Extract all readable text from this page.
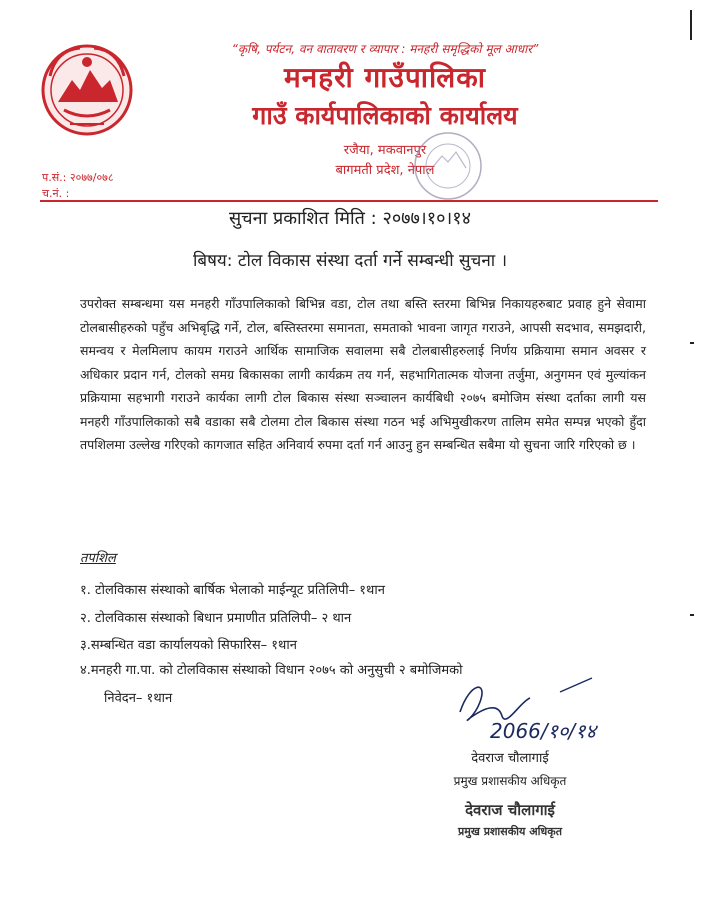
“कृषि, पर्यटन, वन वातावरण र व्यापार : मनहरी समृद्धिको मूल आधार”
मनहरी गाउँपालिका
गाउँ कार्यपालिकाको कार्यालय
रजैया, मकवानपुर
बागमती प्रदेश, नेपाल
प.सं.: २०७७/०७८
च.नं. :
सुचना प्रकाशित मिति : २०७७।१०।१४
बिषय: टोल विकास संस्था दर्ता गर्ने सम्बन्धी सुचना ।
उपरोक्त सम्बन्धमा यस मनहरी गाँउपालिकाको बिभिन्न वडा, टोल तथा बस्ति स्तरमा बिभिन्न निकायहरुबाट प्रवाह हुने सेवामा टोलबासीहरुको पहुँच अभिबृद्धि गर्ने, टोल, बस्तिस्तरमा समानता, समताको भावना जागृत गराउने, आपसी सदभाव, समझदारी, समन्वय र मेलमिलाप कायम गराउने आर्थिक सामाजिक सवालमा सबै टोलबासीहरुलाई निर्णय प्रक्रियामा समान अवसर र अधिकार प्रदान गर्न, टोलको समग्र बिकासका लागी कार्यक्रम तय गर्न, सहभागितात्मक योजना तर्जुमा, अनुगमन एवं मुल्यांकन प्रक्रियामा सहभागी गराउने कार्यका लागी टोल बिकास संस्था सञ्चालन कार्यबिधी २०७५ बमोजिम संस्था दर्ताका लागी यस मनहरी गाँउपालिकाको सबै वडाका सबै टोलमा टोल बिकास संस्था गठन भई अभिमुखीकरण तालिम समेत सम्पन्न भएको हुँदा तपशिलमा उल्लेख गरिएको कागजात सहित अनिवार्य रुपमा दर्ता गर्न आउनु हुन सम्बन्धित सबैमा यो सुचना जारि गरिएको छ ।
तपशिल
१. टोलविकास संस्थाको बार्षिक भेलाको माईन्यूट प्रतिलिपी– १थान
२. टोलविकास संस्थाको बिधान प्रमाणीत प्रतिलिपी– २ थान
३.सम्बन्धित वडा कार्यालयको सिफारिस– १थान
४.मनहरी गा.पा. को टोलविकास संस्थाको विधान २०७५ को अनुसुची २ बमोजिमको
निवेदन– १थान
2066/१०/१४
देवराज चौलागाई
प्रमुख प्रशासकीय अधिकृत
देवराज चौलागाई
प्रमुख प्रशासकीय अधिकृत
